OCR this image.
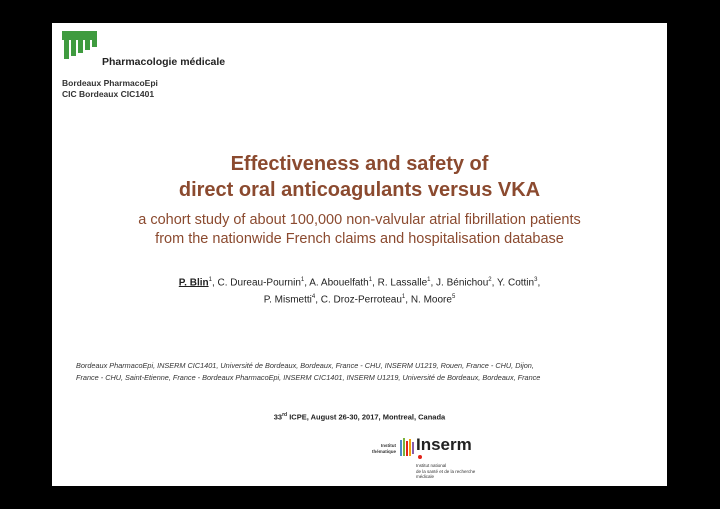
Pharmacologie médicale
Bordeaux PharmacoEpi
CIC Bordeaux CIC1401
Effectiveness and safety of
direct oral anticoagulants versus VKA
a cohort study of about 100,000 non-valvular atrial fibrillation patients
from the nationwide French claims and hospitalisation database
P. Blin$^1$, C. Dureau-Pournin$^1$, A. Abouelfath$^1$, R. Lassalle$^1$, J. Bénichou$^2$, Y. Cottin$^3$,
P. Mismetti$^4$, C. Droz-Perroteau$^1$, N. Moore$^5$
Bordeaux PharmacoEpi, INSERM CIC1401, Université de Bordeaux, Bordeaux, France - CHU, INSERM U1219, Rouen, France - CHU, Dijon,
France - CHU, Saint-Etienne, France - Bordeaux PharmacoEpi, INSERM CIC1401, INSERM U1219, Université de Bordeaux, Bordeaux, France
33rd ICPE, August 26-30, 2017, Montreal, Canada
Institut
thématique Inserm
Institut national
de la santé et de la recherche médicale
